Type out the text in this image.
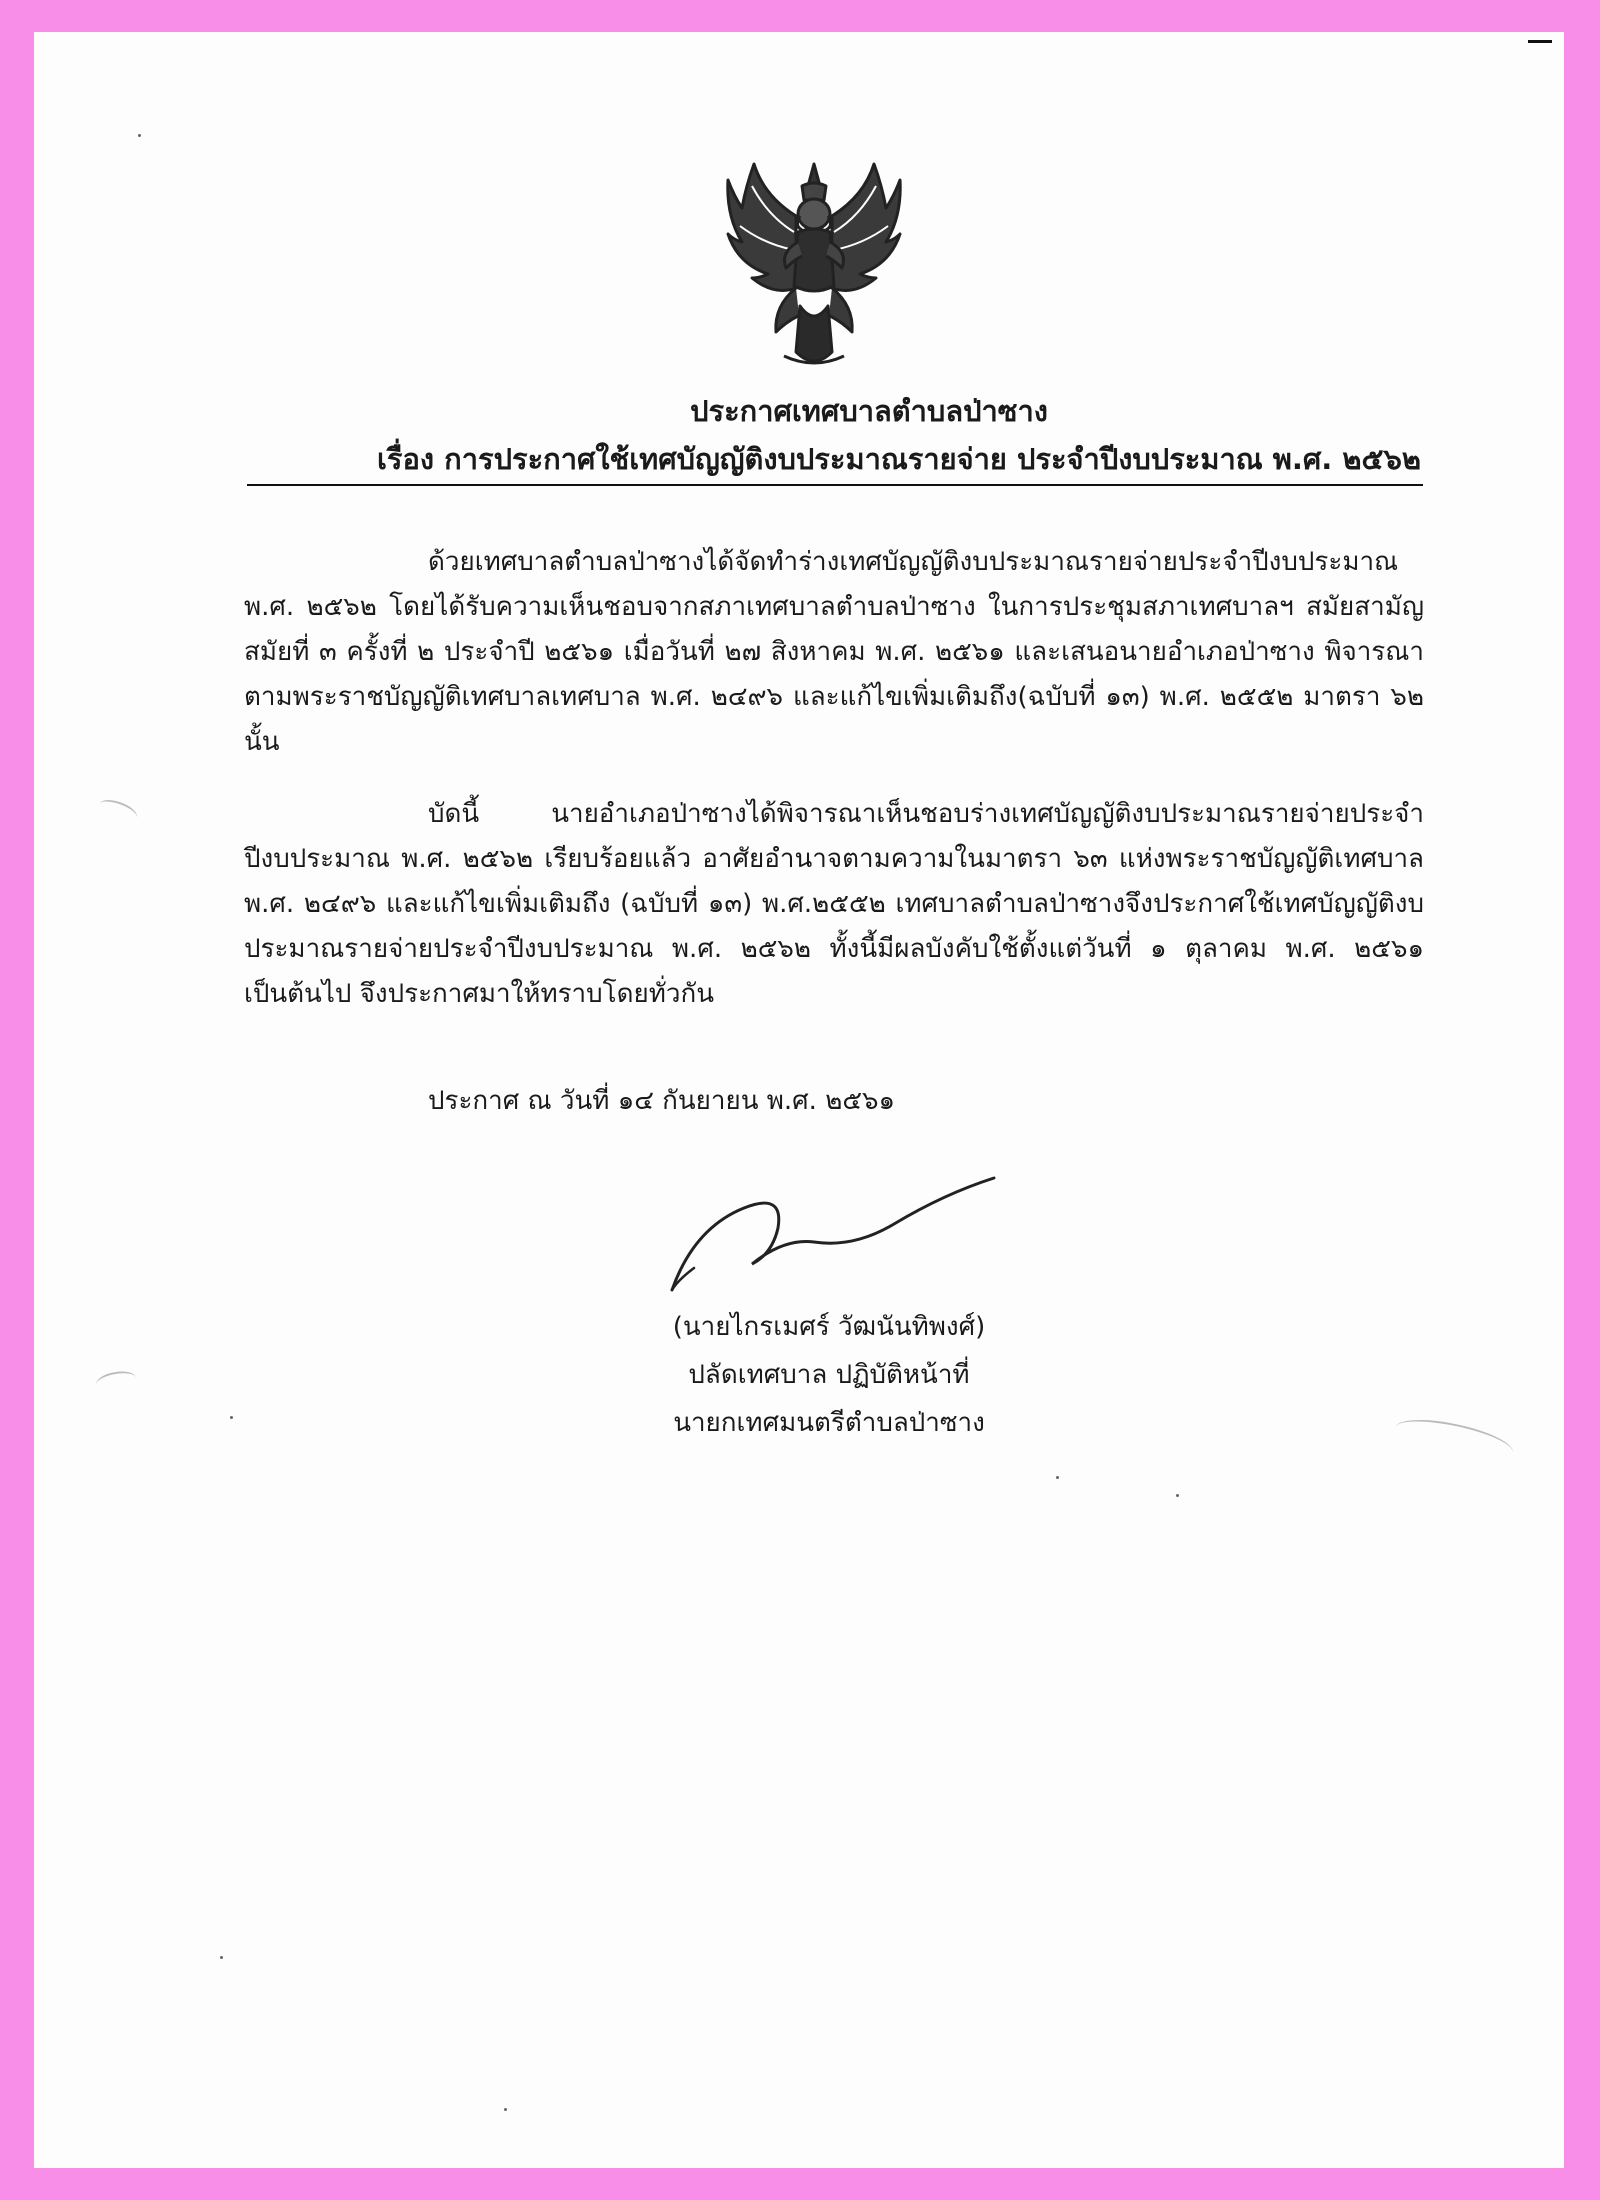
ประกาศเทศบาลตำบลป่าซาง
เรื่อง การประกาศใช้เทศบัญญัติงบประมาณรายจ่าย ประจำปีงบประมาณ พ.ศ. ๒๕๖๒

ด้วยเทศบาลตำบลป่าซางได้จัดทำร่างเทศบัญญัติงบประมาณรายจ่ายประจำปีงบประมาณ พ.ศ. ๒๕๖๒ โดยได้รับความเห็นชอบจากสภาเทศบาลตำบลป่าซาง ในการประชุมสภาเทศบาลฯ สมัยสามัญ สมัยที่ ๓ ครั้งที่ ๒ ประจำปี ๒๕๖๑ เมื่อวันที่ ๒๗ สิงหาคม พ.ศ. ๒๕๖๑ และเสนอนายอำเภอป่าซาง พิจารณา ตามพระราชบัญญัติเทศบาลเทศบาล พ.ศ. ๒๔๙๖ และแก้ไขเพิ่มเติมถึง(ฉบับที่ ๑๓) พ.ศ. ๒๕๕๒ มาตรา ๖๒ นั้น

บัดนี้ นายอำเภอป่าซางได้พิจารณาเห็นชอบร่างเทศบัญญัติงบประมาณรายจ่ายประจำปีงบประมาณ พ.ศ. ๒๕๖๒ เรียบร้อยแล้ว อาศัยอำนาจตามความในมาตรา ๖๓ แห่งพระราชบัญญัติเทศบาล พ.ศ. ๒๔๙๖ และแก้ไขเพิ่มเติมถึง (ฉบับที่ ๑๓) พ.ศ.๒๕๕๒ เทศบาลตำบลป่าซางจึงประกาศใช้เทศบัญญัติงบประมาณรายจ่ายประจำปีงบประมาณ พ.ศ. ๒๕๖๒ ทั้งนี้มีผลบังคับใช้ตั้งแต่วันที่ ๑ ตุลาคม พ.ศ. ๒๕๖๑ เป็นต้นไป จึงประกาศมาให้ทราบโดยทั่วกัน

ประกาศ ณ วันที่ ๑๔ กันยายน พ.ศ. ๒๕๖๑
(นายไกรเมศร์ วัฒนันทิพงศ์)
ปลัดเทศบาล ปฏิบัติหน้าที่
นายกเทศมนตรีตำบลป่าซาง
